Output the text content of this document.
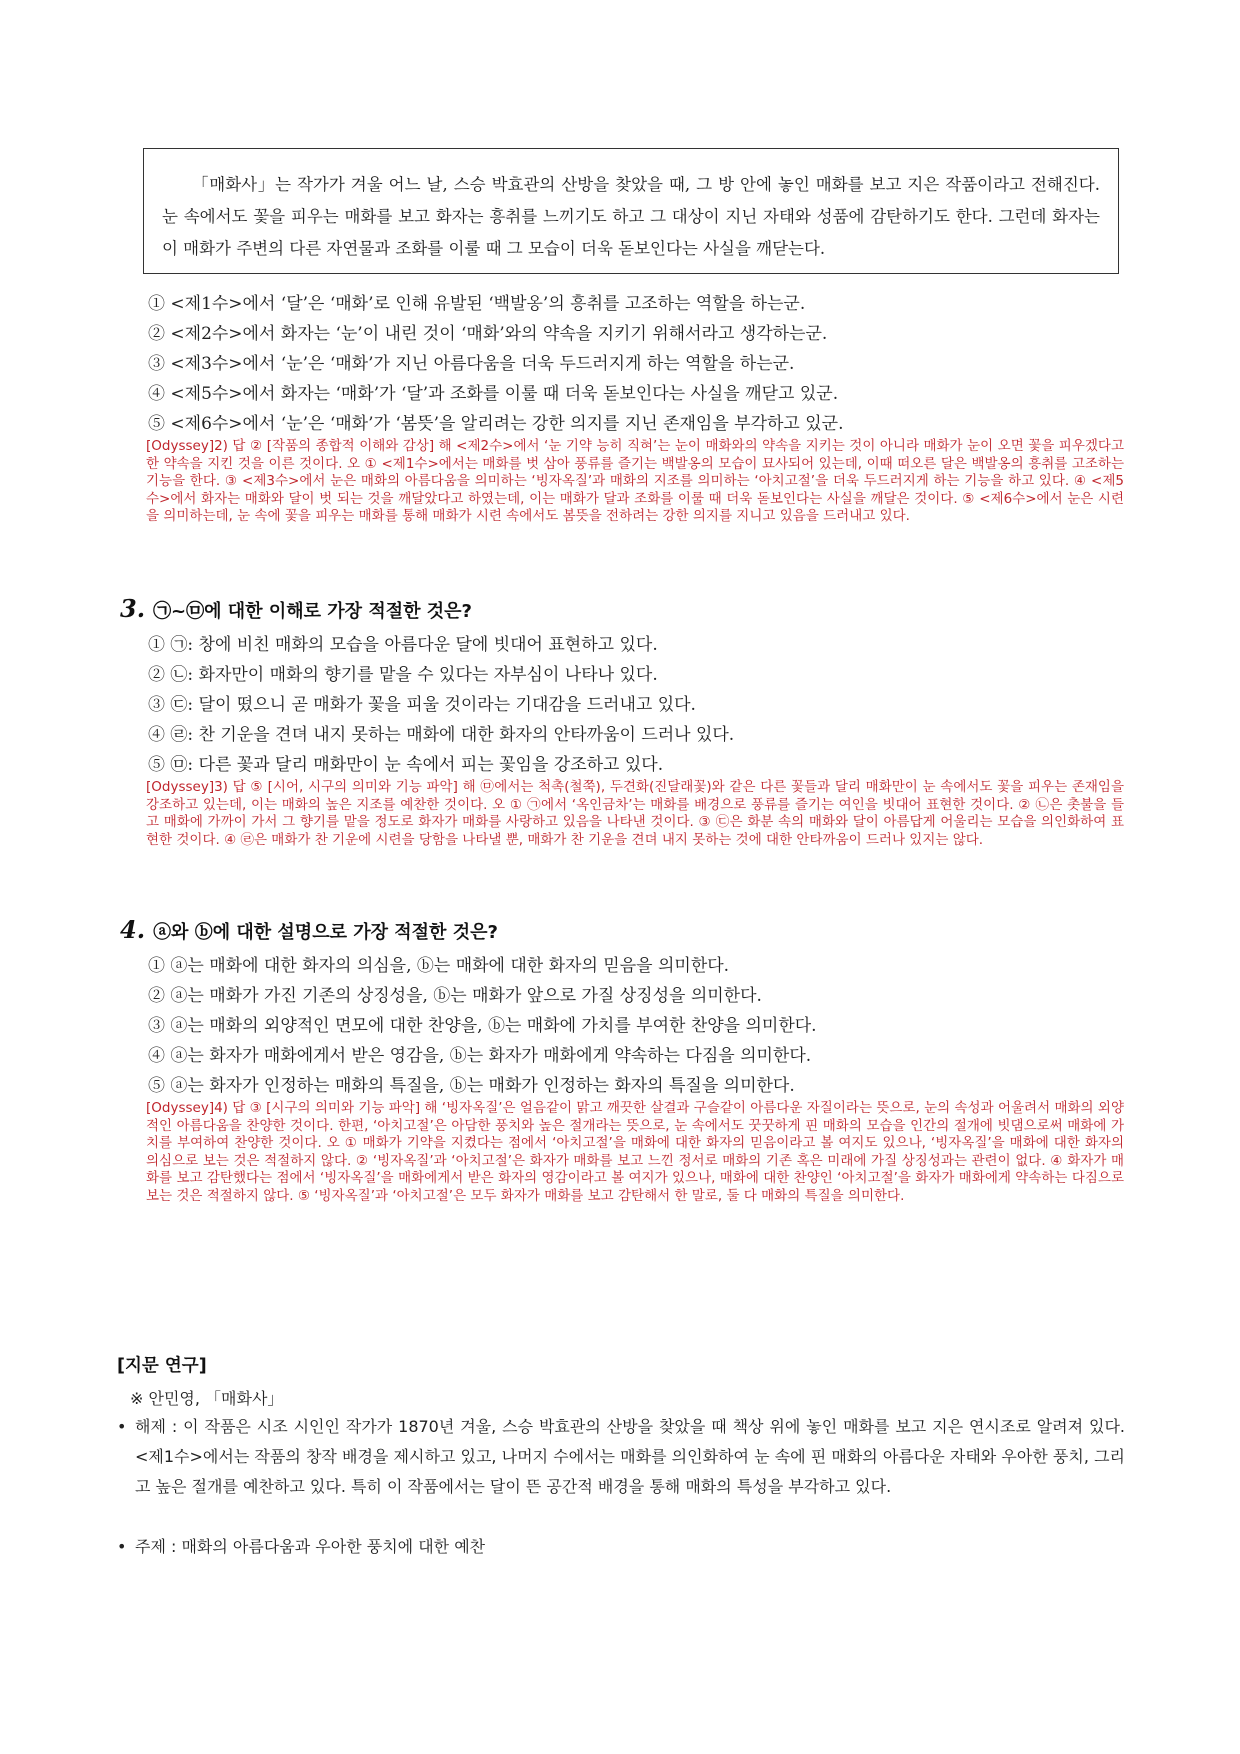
「매화사」는 작가가 겨울 어느 날, 스승 박효관의 산방을 찾았을 때, 그 방 안에 놓인 매화를 보고 지은 작품이라고 전해진다. 눈 속에서도 꽃을 피우는 매화를 보고 화자는 흥취를 느끼기도 하고 그 대상이 지닌 자태와 성품에 감탄하기도 한다. 그런데 화자는 이 매화가 주변의 다른 자연물과 조화를 이룰 때 그 모습이 더욱 돋보인다는 사실을 깨닫는다.

① <제1수>에서 ‘달’은 ‘매화’로 인해 유발된 ‘백발옹’의 흥취를 고조하는 역할을 하는군.
② <제2수>에서 화자는 ‘눈’이 내린 것이 ‘매화’와의 약속을 지키기 위해서라고 생각하는군.
③ <제3수>에서 ‘눈’은 ‘매화’가 지닌 아름다움을 더욱 두드러지게 하는 역할을 하는군.
④ <제5수>에서 화자는 ‘매화’가 ‘달’과 조화를 이룰 때 더욱 돋보인다는 사실을 깨닫고 있군.
⑤ <제6수>에서 ‘눈’은 ‘매화’가 ‘봄뜻’을 알리려는 강한 의지를 지닌 존재임을 부각하고 있군.
[Odyssey]2) 답 ② [작품의 종합적 이해와 감상] 해 <제2수>에서 ‘눈 기약 능히 직혀’는 눈이 매화와의 약속을 지키는 것이 아니라 매화가 눈이 오면 꽃을 피우겠다고 한 약속을 지킨 것을 이른 것이다. 오 ① <제1수>에서는 매화를 벗 삼아 풍류를 즐기는 백발옹의 모습이 묘사되어 있는데, 이때 떠오른 달은 백발옹의 흥취를 고조하는 기능을 한다. ③ <제3수>에서 눈은 매화의 아름다움을 의미하는 ‘빙자옥질’과 매화의 지조를 의미하는 ‘아치고절’을 더욱 두드러지게 하는 기능을 하고 있다. ④ <제5수>에서 화자는 매화와 달이 벗 되는 것을 깨달았다고 하였는데, 이는 매화가 달과 조화를 이룰 때 더욱 돋보인다는 사실을 깨달은 것이다. ⑤ <제6수>에서 눈은 시련을 의미하는데, 눈 속에 꽃을 피우는 매화를 통해 매화가 시련 속에서도 봄뜻을 전하려는 강한 의지를 지니고 있음을 드러내고 있다.
3. ㉠~㉤에 대한 이해로 가장 적절한 것은?
① ㉠: 창에 비친 매화의 모습을 아름다운 달에 빗대어 표현하고 있다.
② ㉡: 화자만이 매화의 향기를 맡을 수 있다는 자부심이 나타나 있다.
③ ㉢: 달이 떴으니 곧 매화가 꽃을 피울 것이라는 기대감을 드러내고 있다.
④ ㉣: 찬 기운을 견뎌 내지 못하는 매화에 대한 화자의 안타까움이 드러나 있다.
⑤ ㉤: 다른 꽃과 달리 매화만이 눈 속에서 피는 꽃임을 강조하고 있다.
[Odyssey]3) 답 ⑤ [시어, 시구의 의미와 기능 파악] 해 ㉤에서는 척촉(철쭉), 두견화(진달래꽃)와 같은 다른 꽃들과 달리 매화만이 눈 속에서도 꽃을 피우는 존재임을 강조하고 있는데, 이는 매화의 높은 지조를 예찬한 것이다. 오 ① ㉠에서 ‘옥인금차’는 매화를 배경으로 풍류를 즐기는 여인을 빗대어 표현한 것이다. ② ㉡은 촛불을 들고 매화에 가까이 가서 그 향기를 맡을 정도로 화자가 매화를 사랑하고 있음을 나타낸 것이다. ③ ㉢은 화분 속의 매화와 달이 아름답게 어울리는 모습을 의인화하여 표현한 것이다. ④ ㉣은 매화가 찬 기운에 시련을 당함을 나타낼 뿐, 매화가 찬 기운을 견뎌 내지 못하는 것에 대한 안타까움이 드러나 있지는 않다.
4. ⓐ와 ⓑ에 대한 설명으로 가장 적절한 것은?
① ⓐ는 매화에 대한 화자의 의심을, ⓑ는 매화에 대한 화자의 믿음을 의미한다.
② ⓐ는 매화가 가진 기존의 상징성을, ⓑ는 매화가 앞으로 가질 상징성을 의미한다.
③ ⓐ는 매화의 외양적인 면모에 대한 찬양을, ⓑ는 매화에 가치를 부여한 찬양을 의미한다.
④ ⓐ는 화자가 매화에게서 받은 영감을, ⓑ는 화자가 매화에게 약속하는 다짐을 의미한다.
⑤ ⓐ는 화자가 인정하는 매화의 특질을, ⓑ는 매화가 인정하는 화자의 특질을 의미한다.
[Odyssey]4) 답 ③ [시구의 의미와 기능 파악] 해 ‘빙자옥질’은 얼음같이 맑고 깨끗한 살결과 구슬같이 아름다운 자질이라는 뜻으로, 눈의 속성과 어울려서 매화의 외양적인 아름다움을 찬양한 것이다. 한편, ‘아치고절’은 아담한 풍치와 높은 절개라는 뜻으로, 눈 속에서도 꿋꿋하게 핀 매화의 모습을 인간의 절개에 빗댐으로써 매화에 가치를 부여하여 찬양한 것이다. 오 ① 매화가 기약을 지켰다는 점에서 ‘아치고절’을 매화에 대한 화자의 믿음이라고 볼 여지도 있으나, ‘빙자옥질’을 매화에 대한 화자의 의심으로 보는 것은 적절하지 않다. ② ‘빙자옥질’과 ‘아치고절’은 화자가 매화를 보고 느낀 정서로 매화의 기존 혹은 미래에 가질 상징성과는 관련이 없다. ④ 화자가 매화를 보고 감탄했다는 점에서 ‘빙자옥질’을 매화에게서 받은 화자의 영감이라고 볼 여지가 있으나, 매화에 대한 찬양인 ‘아치고절’을 화자가 매화에게 약속하는 다짐으로 보는 것은 적절하지 않다. ⑤ ‘빙자옥질’과 ‘아치고절’은 모두 화자가 매화를 보고 감탄해서 한 말로, 둘 다 매화의 특질을 의미한다.
[지문 연구]
※ 안민영, 「매화사」
• 해제 : 이 작품은 시조 시인인 작가가 1870년 겨울, 스승 박효관의 산방을 찾았을 때 책상 위에 놓인 매화를 보고 지은 연시조로 알려져 있다. <제1수>에서는 작품의 창작 배경을 제시하고 있고, 나머지 수에서는 매화를 의인화하여 눈 속에 핀 매화의 아름다운 자태와 우아한 풍치, 그리고 높은 절개를 예찬하고 있다. 특히 이 작품에서는 달이 뜬 공간적 배경을 통해 매화의 특성을 부각하고 있다.
• 주제 : 매화의 아름다움과 우아한 풍치에 대한 예찬
